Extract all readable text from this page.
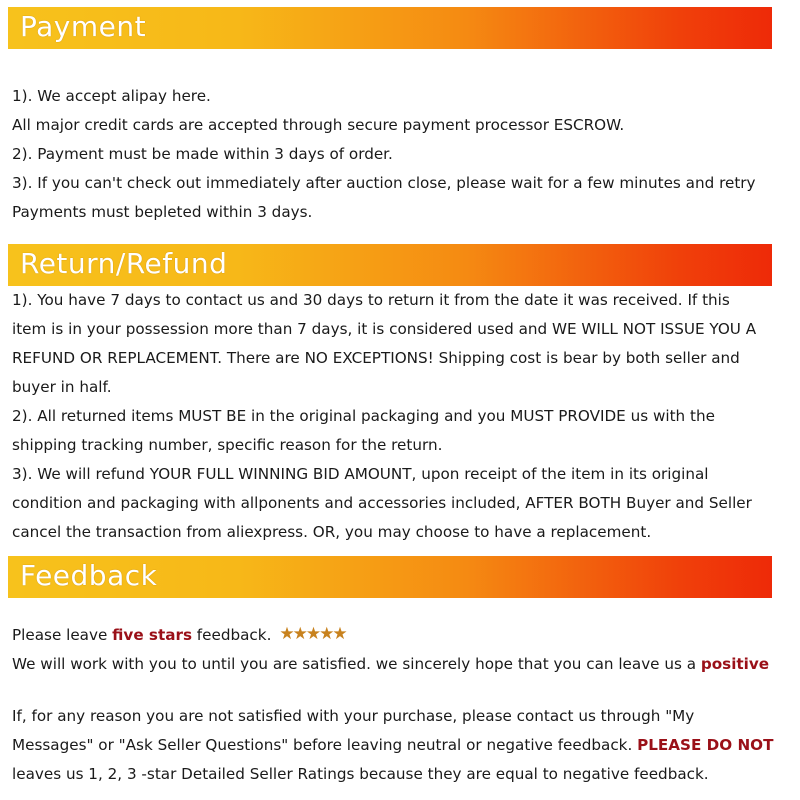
Payment

1). We accept alipay here.

All major credit cards are accepted through secure payment processor ESCROW.

2). Payment must be made within 3 days of order.

3). If you can't check out immediately after auction close, please wait for a few minutes and retry

Payments must bepleted within 3 days.

Return/Refund

1). You have 7 days to contact us and 30 days to return it from the date it was received. If this

item is in your possession more than 7 days, it is considered used and WE WILL NOT ISSUE YOU A

REFUND OR REPLACEMENT. There are NO EXCEPTIONS! Shipping cost is bear by both seller and

buyer in half.

2). All returned items MUST BE in the original packaging and you MUST PROVIDE us with the

shipping tracking number, specific reason for the return.

3). We will refund YOUR FULL WINNING BID AMOUNT, upon receipt of the item in its original

condition and packaging with allponents and accessories included, AFTER BOTH Buyer and Seller

cancel the transaction from aliexpress. OR, you may choose to have a replacement.

Feedback

Please leave five stars feedback. ★★★★★

We will work with you to until you are satisfied. we sincerely hope that you can leave us a positive

If, for any reason you are not satisfied with your purchase, please contact us through "My

Messages" or "Ask Seller Questions" before leaving neutral or negative feedback. PLEASE DO NOT

leaves us 1, 2, 3 -star Detailed Seller Ratings because they are equal to negative feedback.
